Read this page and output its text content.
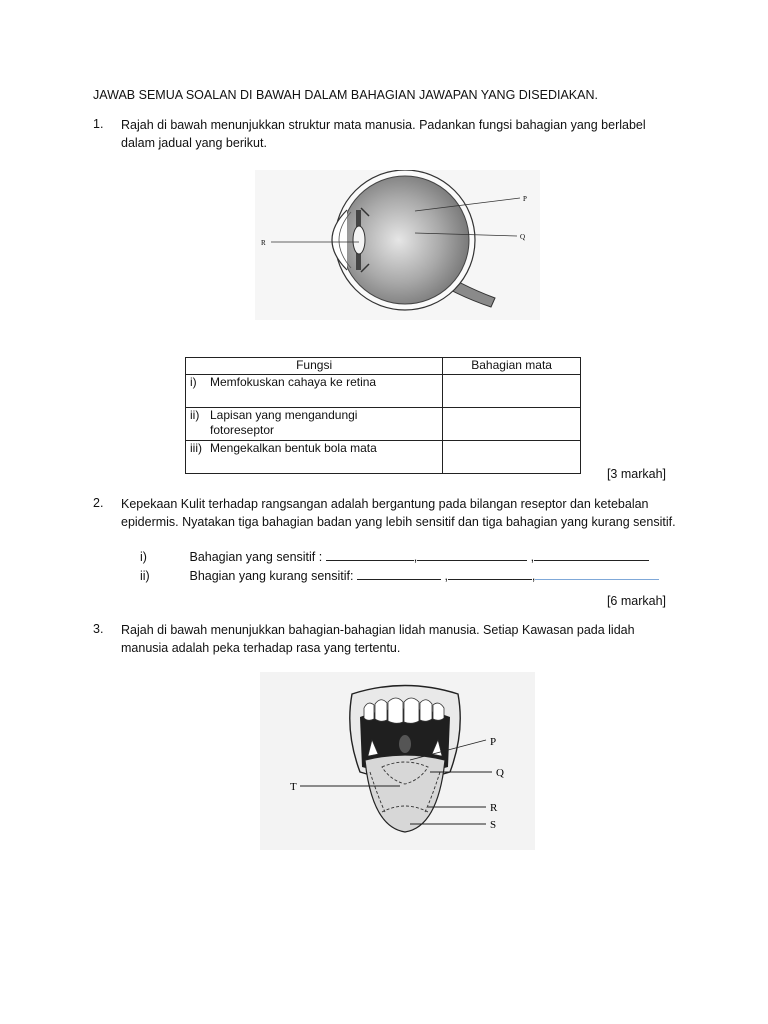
JAWAB SEMUA SOALAN DI BAWAH DALAM BAHAGIAN JAWAPAN YANG DISEDIAKAN.
1. Rajah di bawah menunjukkan struktur mata manusia. Padankan fungsi bahagian yang berlabel dalam jadual yang berikut.
P
Q
R
Fungsi	Bahagian mata
i) Memfokuskan cahaya ke retina	
ii) Lapisan yang mengandungi fotoreseptor	
iii) Mengekalkan bentuk bola mata	
[3 markah]
2. Kepekaan Kulit terhadap rangsangan adalah bergantung pada bilangan reseptor dan ketebalan epidermis. Nyatakan tiga bahagian badan yang lebih sensitif dan tiga bahagian yang kurang sensitif.
i)	Bahagian yang sensitif :	,	,
ii)	Bhagian yang kurang sensitif:	,	,
[6 markah]
3. Rajah di bawah menunjukkan bahagian-bahagian lidah manusia. Setiap Kawasan pada lidah manusia adalah peka terhadap rasa yang tertentu.
P
Q
T
R
S
